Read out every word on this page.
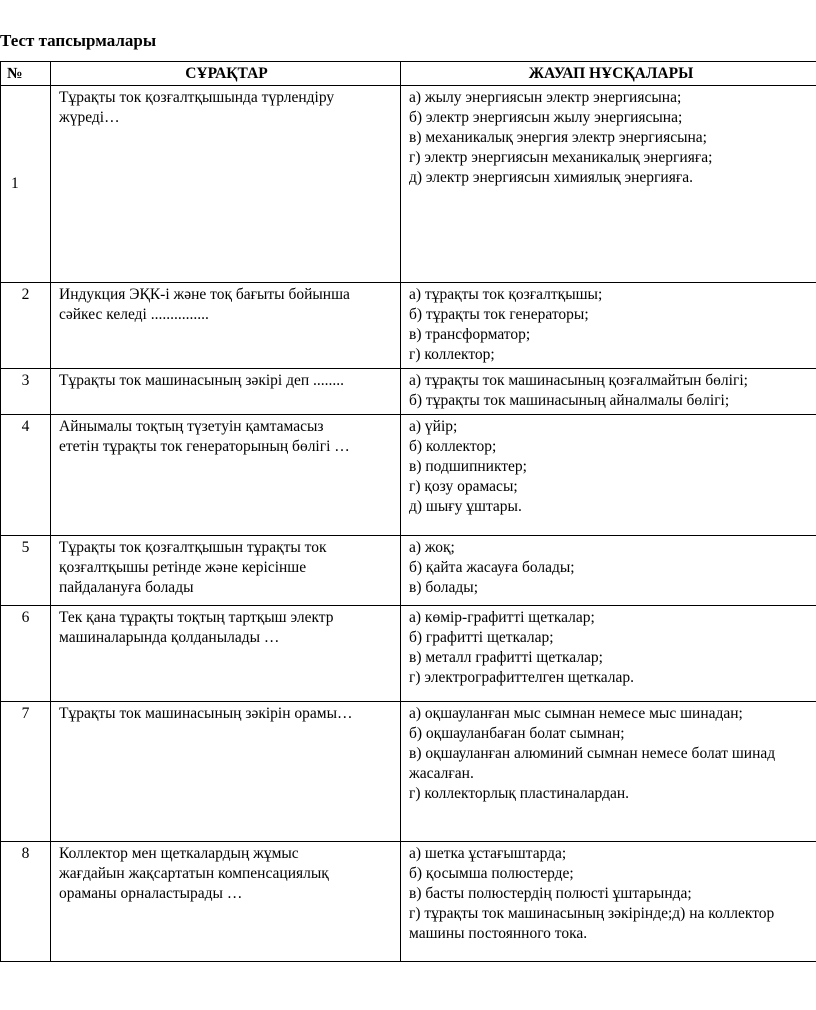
Тест тапсырмалары
№	СҰРАҚТАР	ЖАУАП НҰСҚАЛАРЫ
1	Тұрақты ток қозғалтқышында түрлендіру
жүреді…	а) жылу энергиясын электр энергиясына;
б) электр энергиясын жылу энергиясына;
в) механикалық энергия электр энергиясына;
г) электр энергиясын механикалық энергияға;
д) электр энергиясын химиялық энергияға.

2	Индукция ЭҚК-і және тоқ бағыты бойынша
сәйкес келеді ...............	а) тұрақты ток қозғалтқышы;
б) тұрақты ток генераторы;
в) трансформатор;
г) коллектор;

3	Тұрақты ток машинасының зәкірі деп ........	а) тұрақты ток машинасының қозғалмайтын бөлігі;
б) тұрақты ток машинасының айналмалы бөлігі;

4	Айнымалы тоқтың түзетуін қамтамасыз
ететін тұрақты ток генераторының бөлігі …	а) үйір;
б) коллектор;
в) подшипниктер;
г) қозу орамасы;
д) шығу ұштары.

5	Тұрақты ток қозғалтқышын тұрақты ток
қозғалтқышы ретінде және керісінше
пайдалануға болады	а) жоқ;
б) қайта жасауға болады;
в) болады;

6	Тек қана тұрақты тоқтың тартқыш электр
машиналарында қолданылады …	а) көмір-графитті щеткалар;
б) графитті щеткалар;
в) металл графитті щеткалар;
г) электрографиттелген щеткалар.

7	Тұрақты ток машинасының зәкірін орамы…	а) оқшауланған мыс сымнан немесе мыс шинадан;
б) оқшауланбаған болат сымнан;
в) оқшауланған алюминий сымнан немесе болат шинад
жасалған.
г) коллекторлық пластиналардан.

8	Коллектор мен щеткалардың жұмыс
жағдайын жақсартатын компенсациялық
ораманы орналастырады …	а) шетка ұстағыштарда;
б) қосымша полюстерде;
в) басты полюстердің полюсті ұштарында;
г) тұрақты ток машинасының зәкірінде;д) на коллектор
машины постоянного тока.
